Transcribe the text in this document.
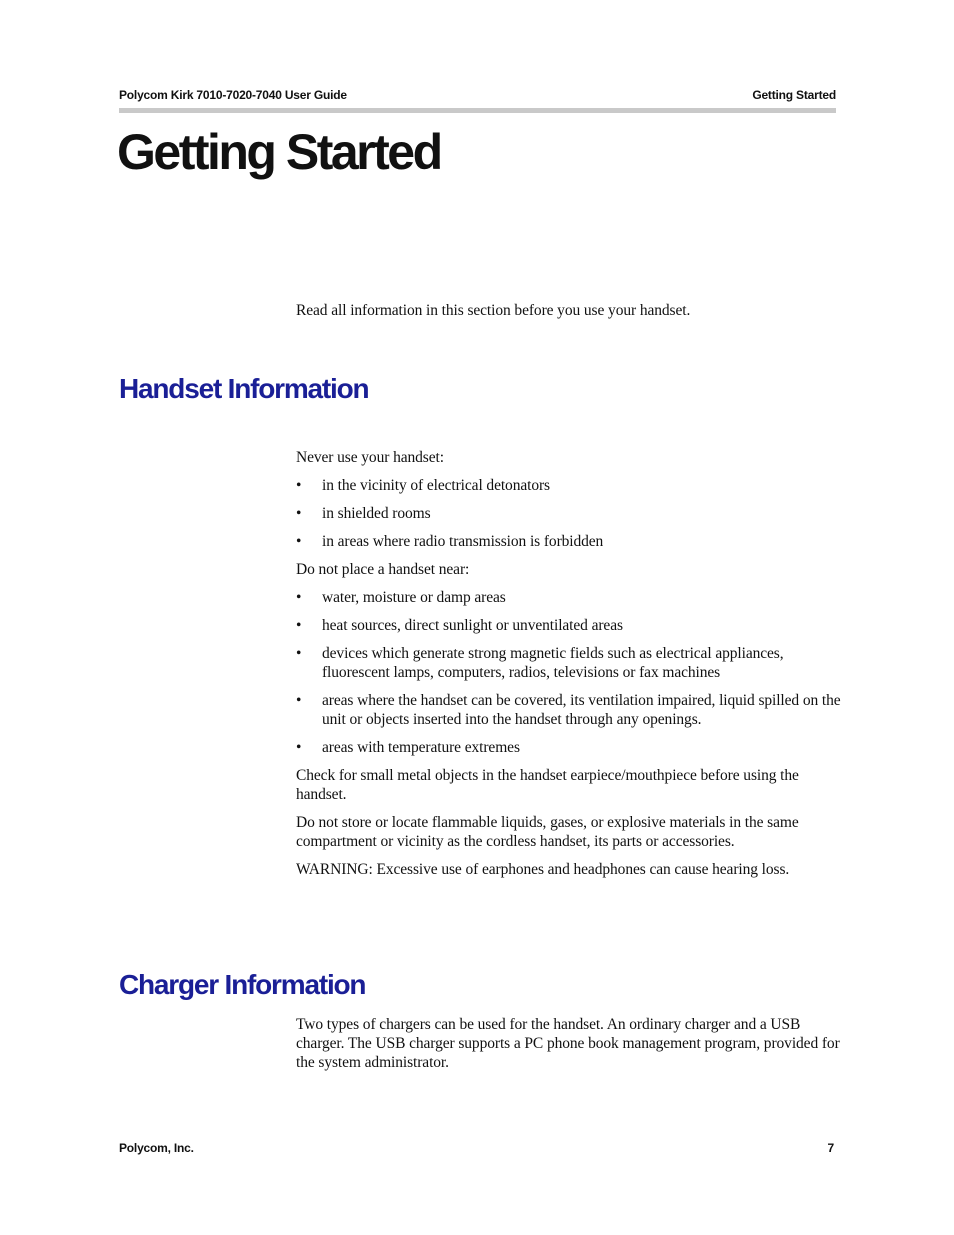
Polycom Kirk 7010-7020-7040 User Guide	Getting Started
Getting Started

Read all information in this section before you use your handset.

Handset Information

Never use your handset:

• in the vicinity of electrical detonators
• in shielded rooms
• in areas where radio transmission is forbidden

Do not place a handset near:

• water, moisture or damp areas
• heat sources, direct sunlight or unventilated areas
• devices which generate strong magnetic fields such as electrical appliances, fluorescent lamps, computers, radios, televisions or fax machines
• areas where the handset can be covered, its ventilation impaired, liquid spilled on the unit or objects inserted into the handset through any openings.
• areas with temperature extremes

Check for small metal objects in the handset earpiece/mouthpiece before using the handset.

Do not store or locate flammable liquids, gases, or explosive materials in the same compartment or vicinity as the cordless handset, its parts or accessories.

WARNING: Excessive use of earphones and headphones can cause hearing loss.

Charger Information

Two types of chargers can be used for the handset. An ordinary charger and a USB charger. The USB charger supports a PC phone book management program, provided for the system administrator.

Polycom, Inc.	7
